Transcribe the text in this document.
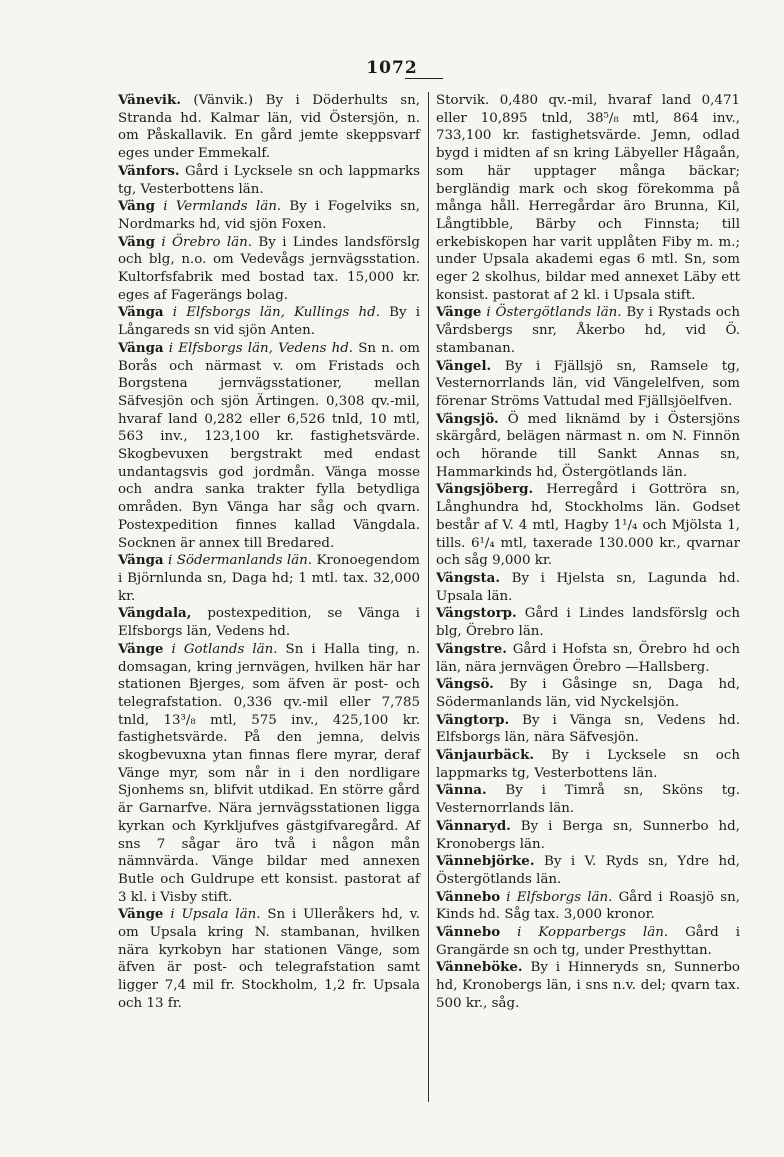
1072

Vänevik. (Vänvik.) By i Döderhults sn, Stranda hd. Kalmar län, vid Östersjön, n. om Påskallavik. En gård jemte skeppsvarf eges under Emmekalf.

Vänfors. Gård i Lycksele sn och lappmarks tg, Vesterbottens län.

Väng i Vermlands län. By i Fogelviks sn, Nordmarks hd, vid sjön Foxen.

Väng i Örebro län. By i Lindes landsförslg och blg, n.o. om Vedevågs jernvägsstation. Kultorfsfabrik med bostad tax. 15,000 kr. eges af Fagerängs bolag.

Vänga i Elfsborgs län, Kullings hd. By i Långareds sn vid sjön Anten.

Vänga i Elfsborgs län, Vedens hd. Sn n. om Borås och närmast v. om Fristads och Borgstena jernvägsstationer, mellan Säfvesjön och sjön Ärtingen. 0,308 qv.-mil, hvaraf land 0,282 eller 6,526 tnld, 10 mtl, 563 inv., 123,100 kr. fastighetsvärde. Skogbevuxen bergstrakt med endast undantagsvis god jordmån. Vänga mosse och andra sanka trakter fylla betydliga områden. Byn Vänga har såg och qvarn. Postexpedition finnes kallad Vängdala. Socknen är annex till Bredared.

Vänga i Södermanlands län. Kronoegendom i Björnlunda sn, Daga hd; 1 mtl. tax. 32,000 kr.

Vängdala, postexpedition, se Vänga i Elfsborgs län, Vedens hd.

Vänge i Gotlands län. Sn i Halla ting, n. domsagan, kring jernvägen, hvilken här har stationen Bjerges, som äfven är post- och telegrafstation. 0,336 qv.-mil eller 7,785 tnld, 13³/₈ mtl, 575 inv., 425,100 kr. fastighetsvärde. På den jemna, delvis skogbevuxna ytan finnas flere myrar, deraf Vänge myr, som når in i den nordligare Sjonhems sn, blifvit utdikad. En större gård är Garnarfve. Nära jernvägsstationen ligga kyrkan och Kyrkljufves gästgifvaregård. Af sns 7 sågar äro två i någon mån nämnvärda. Vänge bildar med annexen Butle och Guldrupe ett konsist. pastorat af 3 kl. i Visby stift.

Vänge i Upsala län. Sn i Ulleråkers hd, v. om Upsala kring N. stambanan, hvilken nära kyrkobyn har stationen Vänge, som äfven är post- och telegrafstation samt ligger 7,4 mil fr. Stockholm, 1,2 fr. Upsala och 13 fr.

Storvik. 0,480 qv.-mil, hvaraf land 0,471 eller 10,895 tnld, 38⁵/₈ mtl, 864 inv., 733,100 kr. fastighetsvärde. Jemn, odlad bygd i midten af sn kring Läbyeller Hågaån, som här upptager många bäckar; bergländig mark och skog förekomma på många håll. Herregårdar äro Brunna, Kil, Långtibble, Bärby och Finnsta; till erkebiskopen har varit upplåten Fiby m. m.; under Upsala akademi egas 6 mtl. Sn, som eger 2 skolhus, bildar med annexet Läby ett konsist. pastorat af 2 kl. i Upsala stift.

Vänge i Östergötlands län. By i Rystads och Vårdsbergs snr, Åkerbo hd, vid Ö. stambanan.

Vängel. By i Fjällsjö sn, Ramsele tg, Vesternorrlands län, vid Vängelelfven, som förenar Ströms Vattudal med Fjällsjöelfven.

Vängsjö. Ö med liknämd by i Östersjöns skärgård, belägen närmast n. om N. Finnön och hörande till Sankt Annas sn, Hammarkinds hd, Östergötlands län.

Vängsjöberg. Herregård i Gottröra sn, Långhundra hd, Stockholms län. Godset består af V. 4 mtl, Hagby 1¹/₄ och Mjölsta 1, tills. 6¹/₄ mtl, taxerade 130.000 kr., qvarnar och såg 9,000 kr.

Vängsta. By i Hjelsta sn, Lagunda hd. Upsala län.

Vängstorp. Gård i Lindes landsförslg och blg, Örebro län.

Vängstre. Gård i Hofsta sn, Örebro hd och län, nära jernvägen Örebro —Hallsberg.

Vängsö. By i Gåsinge sn, Daga hd, Södermanlands län, vid Nyckelsjön.

Vängtorp. By i Vänga sn, Vedens hd. Elfsborgs län, nära Säfvesjön.

Vänjaurbäck. By i Lycksele sn och lappmarks tg, Vesterbottens län.

Vänna. By i Timrå sn, Sköns tg. Vesternorrlands län.

Vännaryd. By i Berga sn, Sunnerbo hd, Kronobergs län.

Vännebjörke. By i V. Ryds sn, Ydre hd, Östergötlands län.

Vännebo i Elfsborgs län. Gård i Roasjö sn, Kinds hd. Såg tax. 3,000 kronor.

Vännebo i Kopparbergs län. Gård i Grangärde sn och tg, under Presthyttan.

Vänneböke. By i Hinneryds sn, Sunnerbo hd, Kronobergs län, i sns n.v. del; qvarn tax. 500 kr., såg.
